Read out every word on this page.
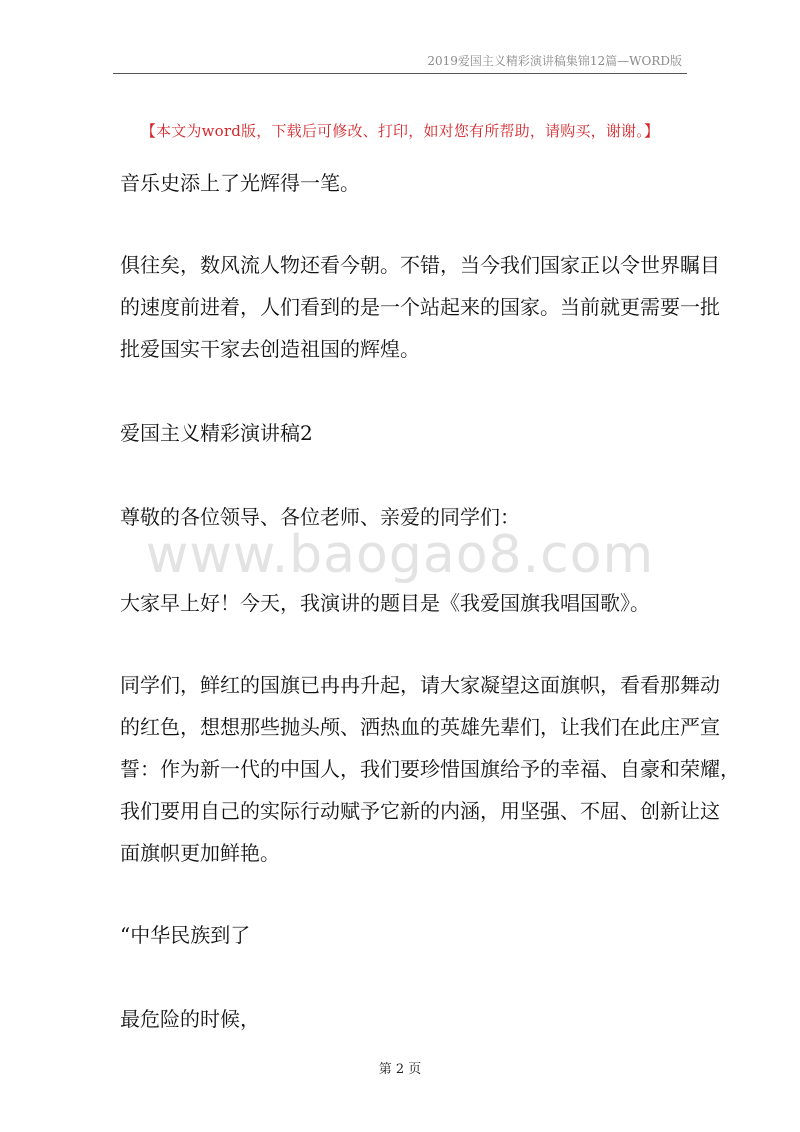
2019爱国主义精彩演讲稿集锦12篇—WORD版
【本文为word版，下载后可修改、打印，如对您有所帮助，请购买，谢谢。】
www.baogao8.com

音乐史添上了光辉得一笔。

俱往矣，数风流人物还看今朝。不错，当今我们国家正以令世界瞩目
的速度前进着，人们看到的是一个站起来的国家。当前就更需要一批
批爱国实干家去创造祖国的辉煌。

爱国主义精彩演讲稿2

尊敬的各位领导、各位老师、亲爱的同学们：

大家早上好！今天，我演讲的题目是《我爱国旗我唱国歌》。

同学们，鲜红的国旗已冉冉升起，请大家凝望这面旗帜，看看那舞动
的红色，想想那些抛头颅、洒热血的英雄先辈们，让我们在此庄严宣
誓：作为新一代的中国人，我们要珍惜国旗给予的幸福、自豪和荣耀，
我们要用自己的实际行动赋予它新的内涵，用坚强、不屈、创新让这
面旗帜更加鲜艳。

“中华民族到了

最危险的时候，

第 2 页
